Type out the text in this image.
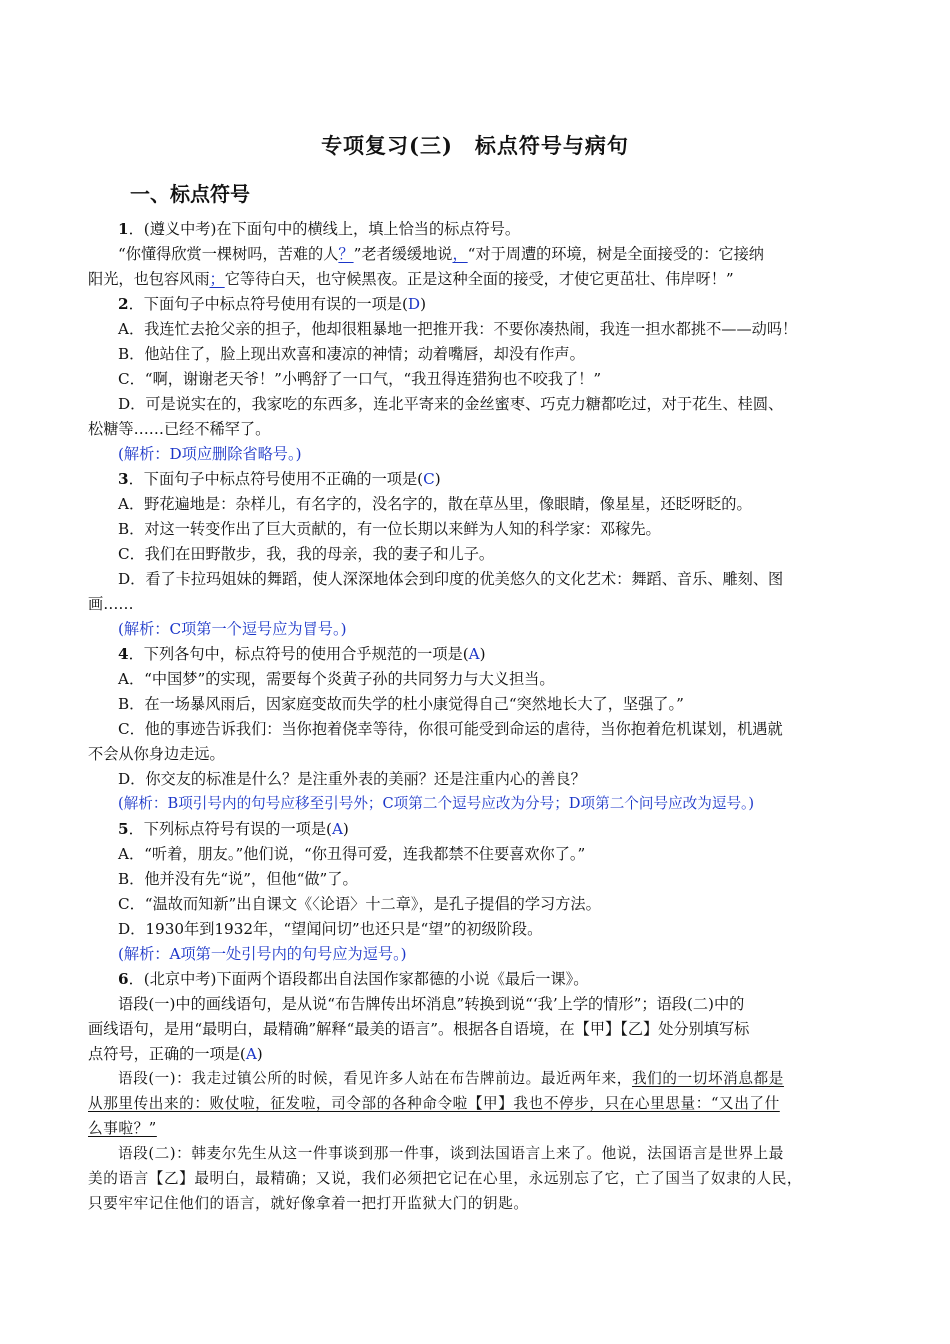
专项复习(三)　标点符号与病句
一、标点符号
1．(遵义中考)在下面句中的横线上，填上恰当的标点符号。
“你懂得欣赏一棵树吗，苦难的人？”老者缓缓地说，“对于周遭的环境，树是全面接受的：它接纳
阳光，也包容风雨；它等待白天，也守候黑夜。正是这种全面的接受，才使它更茁壮、伟岸呀！”
2．下面句子中标点符号使用有误的一项是(D)
A．我连忙去抢父亲的担子，他却很粗暴地一把推开我：不要你凑热闹，我连一担水都挑不——动吗！
B．他站住了，脸上现出欢喜和凄凉的神情；动着嘴唇，却没有作声。
C．“啊，谢谢老天爷！”小鸭舒了一口气，“我丑得连猎狗也不咬我了！”
D．可是说实在的，我家吃的东西多，连北平寄来的金丝蜜枣、巧克力糖都吃过，对于花生、桂圆、
松糖等……已经不稀罕了。
(解析：D项应删除省略号。)
3．下面句子中标点符号使用不正确的一项是(C)
A．野花遍地是：杂样儿，有名字的，没名字的，散在草丛里，像眼睛，像星星，还眨呀眨的。
B．对这一转变作出了巨大贡献的，有一位长期以来鲜为人知的科学家：邓稼先。
C．我们在田野散步，我，我的母亲，我的妻子和儿子。
D．看了卡拉玛姐妹的舞蹈，使人深深地体会到印度的优美悠久的文化艺术：舞蹈、音乐、雕刻、图
画……
(解析：C项第一个逗号应为冒号。)
4．下列各句中，标点符号的使用合乎规范的一项是(A)
A．“中国梦”的实现，需要每个炎黄子孙的共同努力与大义担当。
B．在一场暴风雨后，因家庭变故而失学的杜小康觉得自己“突然地长大了，坚强了。”
C．他的事迹告诉我们：当你抱着侥幸等待，你很可能受到命运的虐待，当你抱着危机谋划，机遇就
不会从你身边走远。
D．你交友的标准是什么？是注重外表的美丽？还是注重内心的善良？
(解析：B项引号内的句号应移至引号外；C项第二个逗号应改为分号；D项第二个问号应改为逗号。)
5．下列标点符号有误的一项是(A)
A．“听着，朋友。”他们说，“你丑得可爱，连我都禁不住要喜欢你了。”
B．他并没有先“说”，但他“做”了。
C．“温故而知新”出自课文《〈论语〉十二章》，是孔子提倡的学习方法。
D．1930年到1932年，“望闻问切”也还只是“望”的初级阶段。
(解析：A项第一处引号内的句号应为逗号。)
6．(北京中考)下面两个语段都出自法国作家都德的小说《最后一课》。
语段(一)中的画线语句，是从说“布告牌传出坏消息”转换到说“‘我’上学的情形”；语段(二)中的
画线语句，是用“最明白，最精确”解释“最美的语言”。根据各自语境，在【甲】【乙】处分别填写标
点符号，正确的一项是(A)
语段(一)：我走过镇公所的时候，看见许多人站在布告牌前边。最近两年来，我们的一切坏消息都是
从那里传出来的：败仗啦，征发啦，司令部的各种命令啦【甲】我也不停步，只在心里思量：“又出了什
么事啦？”
语段(二)：韩麦尔先生从这一件事谈到那一件事，谈到法国语言上来了。他说，法国语言是世界上最
美的语言【乙】最明白，最精确；又说，我们必须把它记在心里，永远别忘了它，亡了国当了奴隶的人民，
只要牢牢记住他们的语言，就好像拿着一把打开监狱大门的钥匙。
